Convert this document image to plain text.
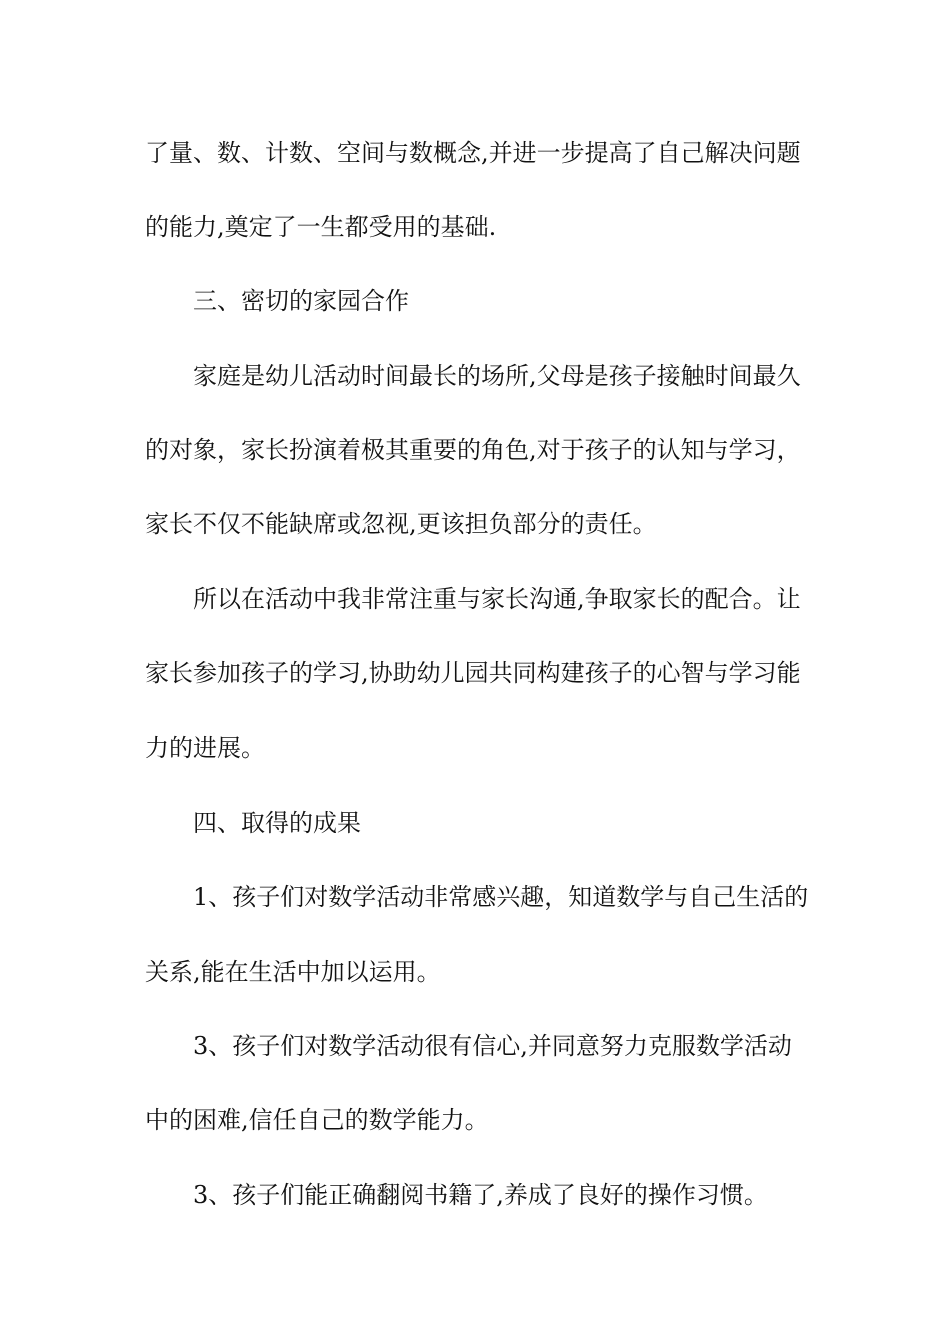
了量、数、计数、空间与数概念,并进一步提高了自己解决问题
的能力,奠定了一生都受用的基础.
三、密切的家园合作
家庭是幼儿活动时间最长的场所,父母是孩子接触时间最久
的对象，家长扮演着极其重要的角色,对于孩子的认知与学习，
家长不仅不能缺席或忽视,更该担负部分的责任。
所以在活动中我非常注重与家长沟通,争取家长的配合。让
家长参加孩子的学习,协助幼儿园共同构建孩子的心智与学习能
力的进展。
四、取得的成果
1、孩子们对数学活动非常感兴趣，知道数学与自己生活的
关系,能在生活中加以运用。
3、孩子们对数学活动很有信心,并同意努力克服数学活动
中的困难,信任自己的数学能力。
3、孩子们能正确翻阅书籍了,养成了良好的操作习惯。
